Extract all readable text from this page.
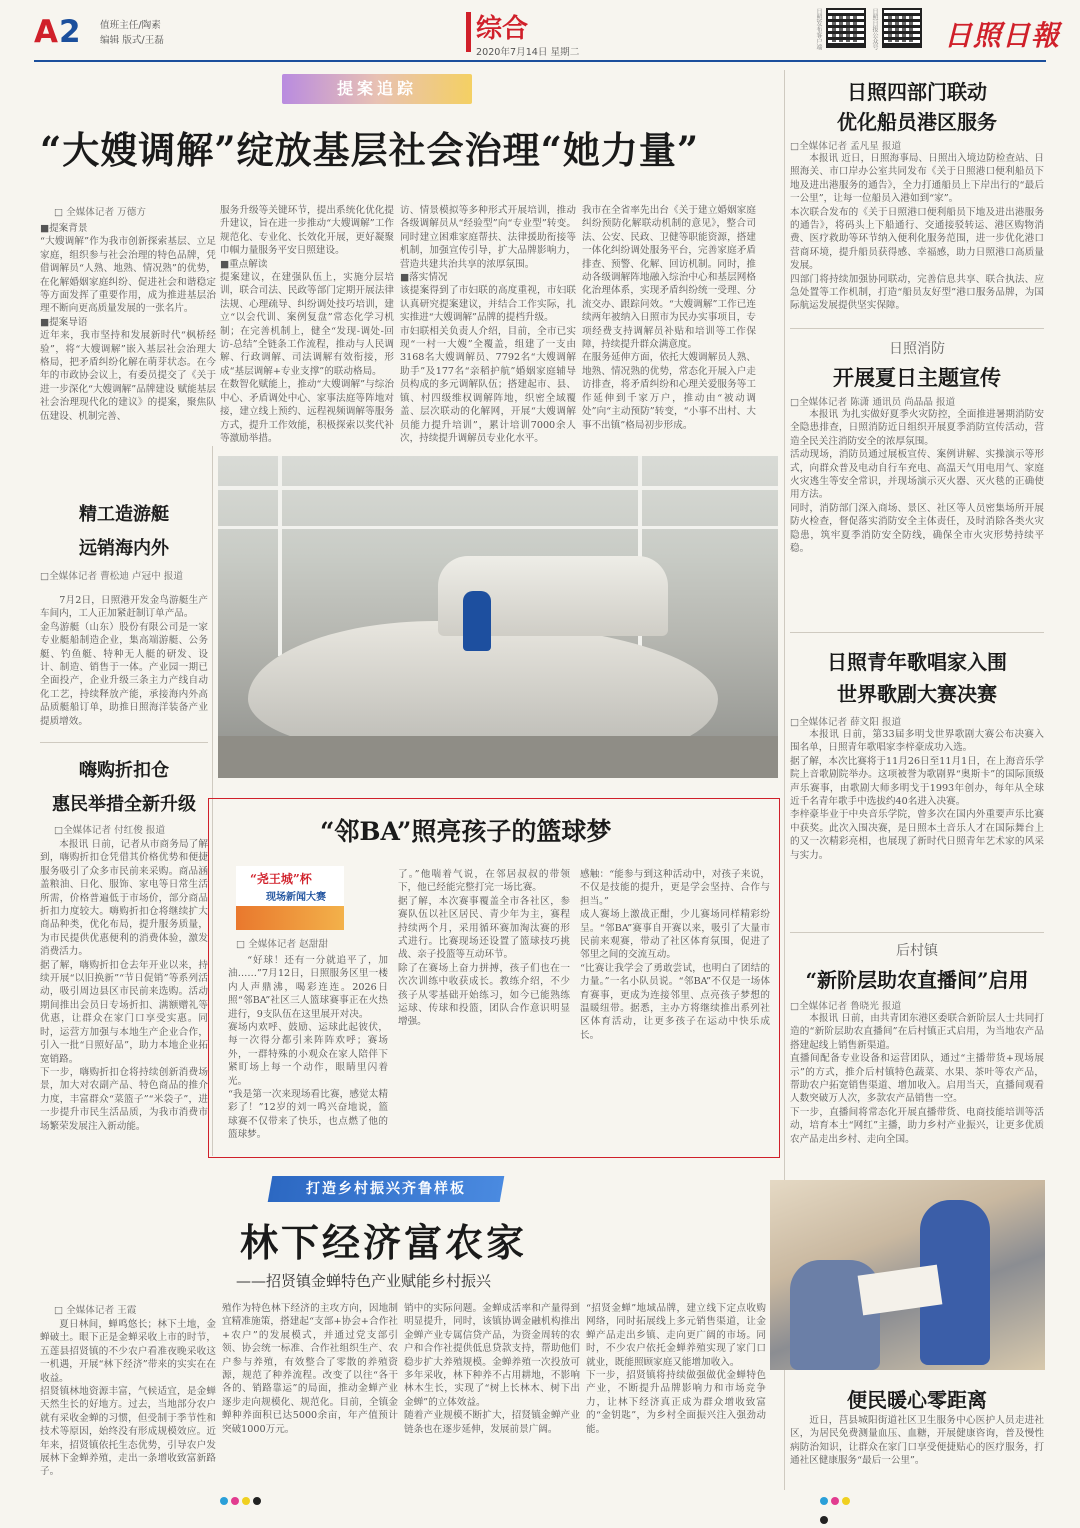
A 2 值班主任/陶素
编辑 版式/王磊	综合
2020年7月14日 星期二
日照发布客户端	日照日报公众号 日照日報
提案追踪
“大嫂调解”绽放基层社会治理“她力量”

□ 全媒体记者 万德方

■提案背景
“大嫂调解”作为我市创新探索基层、立足家庭，组织参与社会治理的特色品牌，凭借调解员“人熟、地熟、情况熟”的优势，在化解婚姻家庭纠纷、促进社会和谐稳定等方面发挥了重要作用，成为推进基层治理不断向更高质量发展的一张名片。
■提案导语
近年来，我市坚持和发展新时代“枫桥经验”，将“大嫂调解”嵌入基层社会治理大格局，把矛盾纠纷化解在萌芽状态。在今年的市政协会议上，有委员提交了《关于进一步深化“大嫂调解”品牌建设 赋能基层社会治理现代化的建议》的提案，聚焦队伍建设、机制完善、

服务升级等关键环节，提出系统化优化提升建议，旨在进一步推动“大嫂调解”工作规范化、专业化、长效化开展，更好凝聚巾帼力量服务平安日照建设。
■重点解读
提案建议，在建强队伍上，实施分层培训，联合司法、民政等部门定期开展法律法规、心理疏导、纠纷调处技巧培训，建立“以会代训、案例复盘”常态化学习机制；在完善机制上，健全“发现-调处-回访-总结”全链条工作流程，推动与人民调解、行政调解、司法调解有效衔接，形成“基层调解+专业支撑”的联动格局。
在数智化赋能上，推动“大嫂调解”与综治中心、矛盾调处中心、家事法庭等阵地对接，建立线上预约、远程视频调解等服务方式，提升工作效能，积极探索以奖代补等激励举措。

访、情景模拟等多种形式开展培训，推动各级调解员从“经验型”向“专业型”转变。同时建立困难家庭帮扶、法律援助衔接等机制，加强宣传引导，扩大品牌影响力，营造共建共治共享的浓厚氛围。
■落实情况
该提案得到了市妇联的高度重视，市妇联认真研究提案建议，并结合工作实际，扎实推进“大嫂调解”品牌的提档升级。
市妇联相关负责人介绍，目前，全市已实现“一村一大嫂”全覆盖，组建了一支由3168名大嫂调解员、7792名“大嫂调解助手”及177名“亲稻护航”婚姻家庭辅导员构成的多元调解队伍；搭建起市、县、镇、村四级维权调解阵地，织密全域覆盖、层次联动的化解网，开展“大嫂调解员能力提升培训”，累计培训7000余人次，持续提升调解员专业化水平。

我市在全省率先出台《关于建立婚姻家庭纠纷预防化解联动机制的意见》，整合司法、公安、民政、卫健等职能资源，搭建一体化纠纷调处服务平台，完善家庭矛盾排查、预警、化解、回访机制。同时，推动各级调解阵地融入综治中心和基层网格化治理体系，实现矛盾纠纷统一受理、分流交办、跟踪问效。“大嫂调解”工作已连续两年被纳入日照市为民办实事项目，专项经费支持调解员补贴和培训等工作保障，持续提升群众满意度。
在服务延伸方面，依托大嫂调解员人熟、地熟、情况熟的优势，常态化开展入户走访排查，将矛盾纠纷和心理关爱服务等工作延伸到千家万户，推动由“被动调处”向“主动预防”转变，“小事不出村、大事不出镇”格局初步形成。

精工造游艇
远销海内外

□全媒体记者 曹松迪 卢冠中 报道

7月2日，日照港开发金鸟游艇生产车间内，工人正加紧赶制订单产品。
金鸟游艇（山东）股份有限公司是一家专业艇船制造企业，集高端游艇、公务艇、钓鱼艇、特种无人艇的研发、设计、制造、销售于一体。产业园一期已全面投产，企业升级三条主力产线自动化工艺，持续释放产能，承接海内外高品质艇船订单，助推日照海洋装备产业提质增效。

嗨购折扣仓
惠民举措全新升级

□全媒体记者 付红俊 报道

本报讯 日前，记者从市商务局了解到，嗨购折扣仓凭借其价格优势和便捷服务吸引了众多市民前来采购。商品涵盖粮油、日化、服饰、家电等日常生活所需，价格普遍低于市场价，部分商品折扣力度较大。嗨购折扣仓将继续扩大商品种类，优化布局，提升服务质量，为市民提供优惠便利的消费体验，激发消费活力。
据了解，嗨购折扣仓去年开业以来，持续开展“以旧换新”“节日促销”等系列活动，吸引周边县区市民前来选购。活动期间推出会员日专场折扣、满额赠礼等优惠，让群众在家门口享受实惠。同时，运营方加强与本地生产企业合作，引入一批“日照好品”，助力本地企业拓宽销路。
下一步，嗨购折扣仓将持续创新消费场景，加大对农副产品、特色商品的推介力度，丰富群众“菜篮子”“米袋子”，进一步提升市民生活品质，为我市消费市场繁荣发展注入新动能。

“邻BA”照亮孩子的篮球梦
“尧王城”杯
现场新闻大赛

□ 全媒体记者 赵甜甜

“好球！还有一分就追平了，加油……”7月12日，日照服务区里一楼内人声鼎沸，喝彩连连。2026日照“邻BA”社区三人篮球赛事正在火热进行，9支队伍在这里展开对决。
赛场内欢呼、鼓励、运球此起彼伏，每一次得分都引来阵阵欢呼；赛场外，一群特殊的小观众在家人陪伴下紧盯场上每一个动作，眼睛里闪着光。
“我是第一次来现场看比赛，感觉太精彩了！”12岁的刘一鸣兴奋地说，篮球赛不仅带来了快乐，也点燃了他的篮球梦。

了。”他喘着气说，在邻居叔叔的带领下，他已经能完整打完一场比赛。
据了解，本次赛事覆盖全市各社区，参赛队伍以社区居民、青少年为主，赛程持续两个月，采用循环赛加淘汰赛的形式进行。比赛现场还设置了篮球技巧挑战、亲子投篮等互动环节。
除了在赛场上奋力拼搏，孩子们也在一次次训练中收获成长。教练介绍，不少孩子从零基础开始练习，如今已能熟练运球、传球和投篮，团队合作意识明显增强。

感触：“能参与到这种活动中，对孩子来说，不仅是技能的提升，更是学会坚持、合作与担当。”
成人赛场上激战正酣，少儿赛场同样精彩纷呈。“邻BA”赛事自开赛以来，吸引了大量市民前来观赛，带动了社区体育氛围，促进了邻里之间的交流互动。
“比赛让我学会了勇敢尝试，也明白了团结的力量。”一名小队员说。“邻BA”不仅是一场体育赛事，更成为连接邻里、点亮孩子梦想的温暖纽带。据悉，主办方将继续推出系列社区体育活动，让更多孩子在运动中快乐成长。

日照四部门联动
优化船员港区服务

□全媒体记者 孟凡星 报道

本报讯 近日，日照海事局、日照出入境边防检查站、日照海关、市口岸办公室共同发布《关于日照港口便利船员下地及进出港服务的通告》，全力打通船员上下岸出行的“最后一公里”，让每一位船员入港如到“家”。
本次联合发布的《关于日照港口便利船员下地及进出港服务的通告》，将码头上下船通行、交通接驳转运、港区购物消费、医疗救助等环节纳入便利化服务范围，进一步优化港口营商环境，提升船员获得感、幸福感，助力日照港口高质量发展。
四部门将持续加强协同联动，完善信息共享、联合执法、应急处置等工作机制，打造“船员友好型”港口服务品牌，为国际航运发展提供坚实保障。

日照消防
开展夏日主题宣传

□全媒体记者 陈潇 通讯员 尚晶晶 报道

本报讯 为扎实做好夏季火灾防控，全面推进暑期消防安全隐患排查，日照消防近日组织开展夏季消防宣传活动，营造全民关注消防安全的浓厚氛围。
活动现场，消防员通过展板宣传、案例讲解、实操演示等形式，向群众普及电动自行车充电、高温天气用电用气、家庭火灾逃生等安全常识，并现场演示灭火器、灭火毯的正确使用方法。
同时，消防部门深入商场、景区、社区等人员密集场所开展防火检查，督促落实消防安全主体责任，及时消除各类火灾隐患，筑牢夏季消防安全防线，确保全市火灾形势持续平稳。

日照青年歌唱家入围
世界歌剧大赛决赛

□全媒体记者 薛文阳 报道

本报讯 日前，第33届多明戈世界歌剧大赛公布决赛入围名单，日照青年歌唱家李梓豪成功入选。
据了解，本次比赛将于11月26日至11月1日，在上海音乐学院上音歌剧院举办。这项被誉为歌剧界“奥斯卡”的国际顶级声乐赛事，由歌剧大师多明戈于1993年创办，每年从全球近千名青年歌手中选拔约40名进入决赛。
李梓豪毕业于中央音乐学院，曾多次在国内外重要声乐比赛中获奖。此次入围决赛，是日照本土音乐人才在国际舞台上的又一次精彩亮相，也展现了新时代日照青年艺术家的风采与实力。

后村镇
“新阶层助农直播间”启用

□全媒体记者 鲁晓光 报道

本报讯 日前，由共青团东港区委联合新阶层人士共同打造的“新阶层助农直播间”在后村镇正式启用，为当地农产品搭建起线上销售新渠道。
直播间配备专业设备和运营团队，通过“主播带货+现场展示”的方式，推介后村镇特色蔬菜、水果、茶叶等农产品，帮助农户拓宽销售渠道、增加收入。启用当天，直播间观看人数突破万人次，多款农产品销售一空。
下一步，直播间将常态化开展直播带货、电商技能培训等活动，培育本土“网红”主播，助力乡村产业振兴，让更多优质农产品走出乡村、走向全国。

便民暖心零距离

近日，莒县城阳街道社区卫生服务中心医护人员走进社区，为居民免费测量血压、血糖，开展健康咨询，普及慢性病防治知识，让群众在家门口享受便捷贴心的医疗服务，打通社区健康服务“最后一公里”。

打造乡村振兴齐鲁样板
林下经济富农家
——招贤镇金蝉特色产业赋能乡村振兴

□ 全媒体记者 王霞

夏日林间，蝉鸣悠长；林下土地，金蝉破土。眼下正是金蝉采收上市的时节，五莲县招贤镇的不少农户看准夜晚采收这一机遇，开展“林下经济”带来的实实在在收益。
招贤镇林地资源丰富，气候适宜，是金蝉天然生长的好地方。过去，当地部分农户就有采收金蝉的习惯，但受制于季节性和技术等原因，始终没有形成规模效应。近年来，招贤镇依托生态优势，引导农户发展林下金蝉养殖，走出一条增收致富新路子。

殖作为特色林下经济的主攻方向，因地制宜精准施策，搭建起“支部+协会+合作社+农户”的发展模式，并通过党支部引领、协会统一标准、合作社组织生产、农户参与养殖，有效整合了零散的养殖资源，规范了种养流程。改变了以往“各干各的、销路靠运”的局面，推动金蝉产业逐步走向规模化、规范化。目前，全镇金蝉种养面积已达5000余亩，年产值预计突破1000万元。

销中的实际问题。金蝉成活率和产量得到明显提升，同时，该镇协调金融机构推出金蝉产业专属信贷产品，为资金周转的农户和合作社提供低息贷款支持，帮助他们稳步扩大养殖规模。金蝉养殖一次投放可多年采收，林下种养不占用耕地，不影响林木生长，实现了“树上长林木、树下出金蝉”的立体效益。
随着产业规模不断扩大，招贤镇金蝉产业链条也在逐步延伸，发展前景广阔。

“招贤金蝉”地域品牌，建立线下定点收购网络，同时拓展线上多元销售渠道，让金蝉产品走出乡镇、走向更广阔的市场。同时，不少农户依托金蝉养殖实现了家门口就业，既能照顾家庭又能增加收入。
下一步，招贤镇将持续做强做优金蝉特色产业，不断提升品牌影响力和市场竞争力，让林下经济真正成为群众增收致富的“金钥匙”，为乡村全面振兴注入强劲动能。
